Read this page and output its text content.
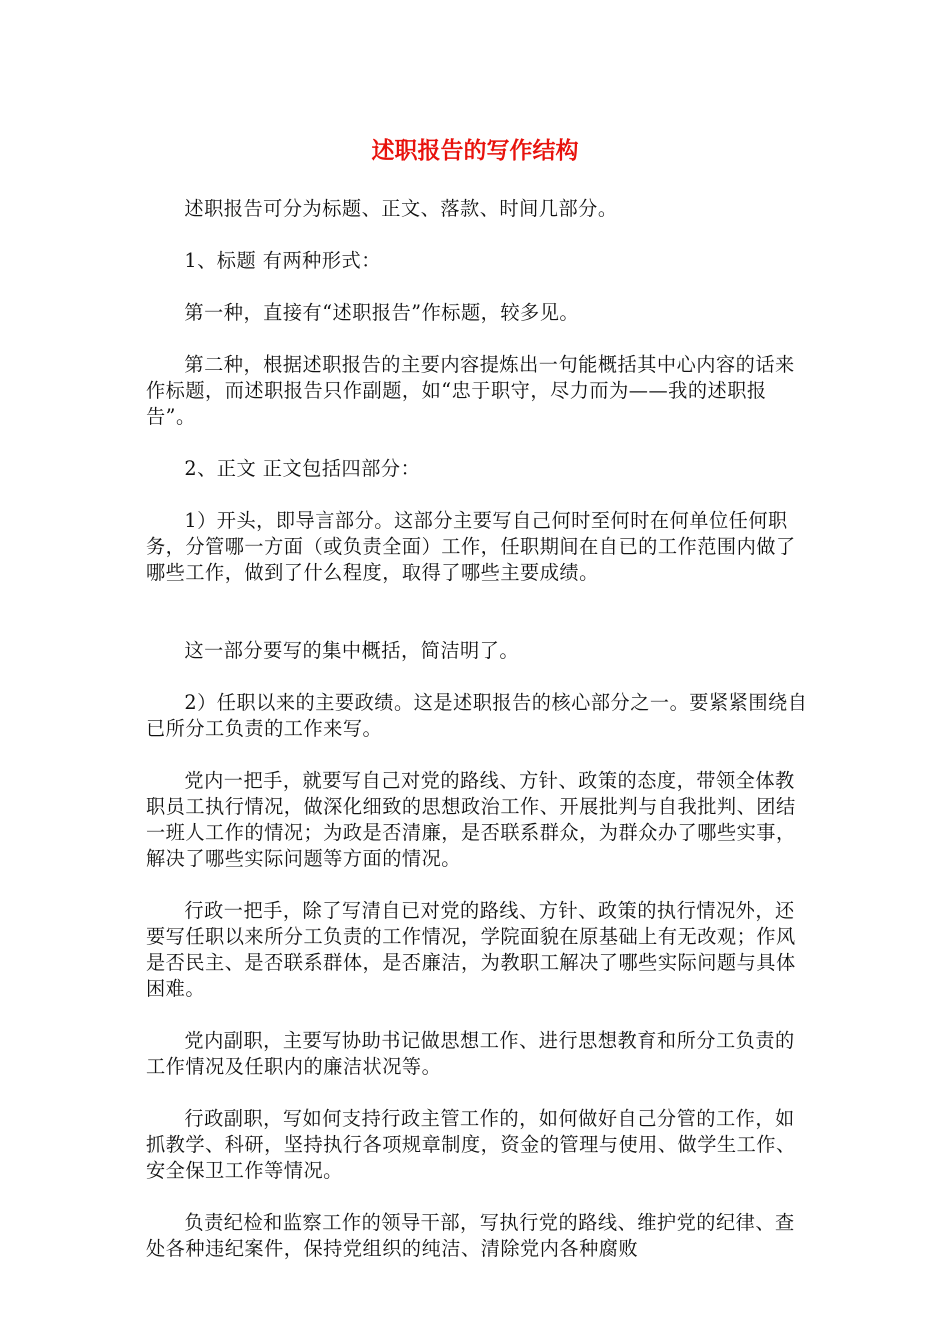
述职报告的写作结构

述职报告可分为标题、正文、落款、时间几部分。

1、标题 有两种形式：

第一种，直接有“述职报告”作标题，较多见。

第二种，根据述职报告的主要内容提炼出一句能概括其中心内容的话来作标题，而述职报告只作副题，如“忠于职守，尽力而为——我的述职报告”。

2、正文 正文包括四部分：

1）开头，即导言部分。这部分主要写自己何时至何时在何单位任何职务，分管哪一方面（或负责全面）工作，任职期间在自已的工作范围内做了哪些工作，做到了什么程度，取得了哪些主要成绩。

这一部分要写的集中概括，简洁明了。

2）任职以来的主要政绩。这是述职报告的核心部分之一。要紧紧围绕自已所分工负责的工作来写。

党内一把手，就要写自己对党的路线、方针、政策的态度，带领全体教职员工执行情况，做深化细致的思想政治工作、开展批判与自我批判、团结一班人工作的情况；为政是否清廉，是否联系群众，为群众办了哪些实事，解决了哪些实际问题等方面的情况。

行政一把手，除了写清自已对党的路线、方针、政策的执行情况外，还要写任职以来所分工负责的工作情况，学院面貌在原基础上有无改观；作风是否民主、是否联系群体，是否廉洁，为教职工解决了哪些实际问题与具体困难。

党内副职，主要写协助书记做思想工作、进行思想教育和所分工负责的工作情况及任职内的廉洁状况等。

行政副职，写如何支持行政主管工作的，如何做好自己分管的工作，如抓教学、科研，坚持执行各项规章制度，资金的管理与使用、做学生工作、安全保卫工作等情况。

负责纪检和监察工作的领导干部，写执行党的路线、维护党的纪律、查处各种违纪案件，保持党组织的纯洁、清除党内各种腐败
